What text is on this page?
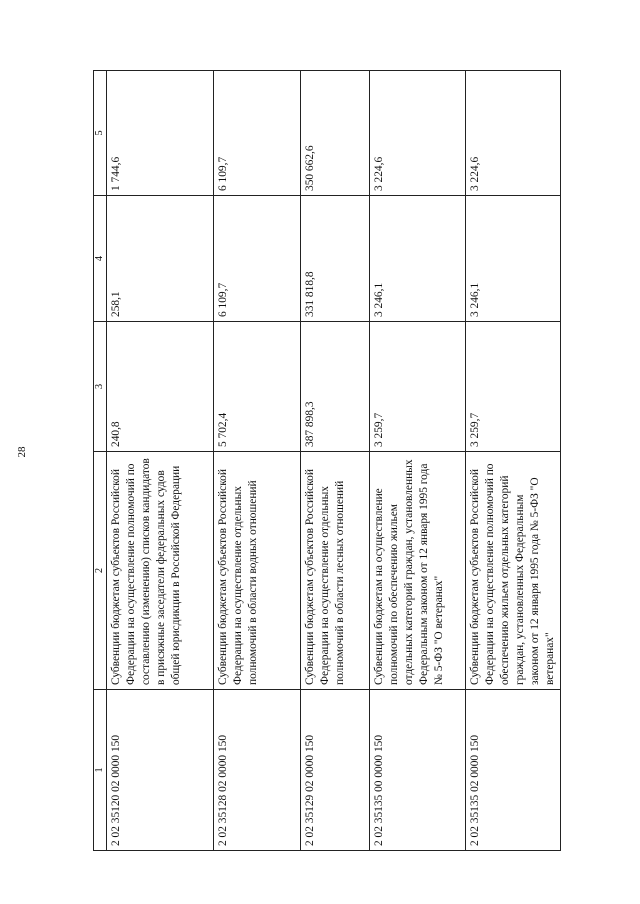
28
1	2	3	4	5
2 02 35120 02 0000 150	Субвенции бюджетам субъектов Российской Федерации на осуществление полномочий по составлению (изменению) списков кандидатов в присяжные заседатели федеральных судов общей юрисдикции в Российской Федерации	240,8	258,1	1 744,6
2 02 35128 02 0000 150	Субвенции бюджетам субъектов Российской Федерации на осуществление отдельных полномочий в области водных отношений	5 702,4	6 109,7	6 109,7
2 02 35129 02 0000 150	Субвенции бюджетам субъектов Российской Федерации на осуществление отдельных полномочий в области лесных отношений	387 898,3	331 818,8	350 662,6
2 02 35135 00 0000 150	Субвенции бюджетам на осуществление полномочий по обеспечению жильем отдельных категорий граждан, установленных Федеральным законом от 12 января 1995 года № 5-ФЗ "О ветеранах"	3 259,7	3 246,1	3 224,6
2 02 35135 02 0000 150	Субвенции бюджетам субъектов Российской Федерации на осуществление полномочий по обеспечению жильем отдельных категорий граждан, установленных Федеральным законом от 12 января 1995 года № 5-ФЗ "О ветеранах"	3 259,7	3 246,1	3 224,6
